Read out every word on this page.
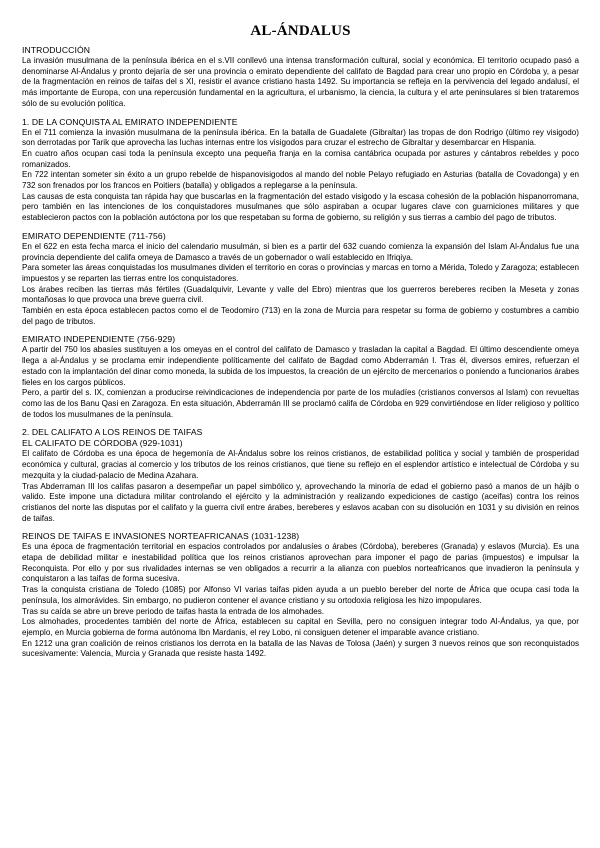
AL-ÁNDALUS
INTRODUCCIÓN

La invasión musulmana de la península ibérica en el s.VII conllevó una intensa transformación cultural, social y económica. El territorio ocupado pasó a denominarse Al-Ándalus y pronto dejaría de ser una provincia o emirato dependiente del califato de Bagdad para crear uno propio en Córdoba y, a pesar de la fragmentación en reinos de taifas del s XI, resistir el avance cristiano hasta 1492. Su importancia se refleja en la pervivencia del legado andalusí, el más importante de Europa, con una repercusión fundamental en la agricultura, el urbanismo, la ciencia, la cultura y el arte peninsulares si bien trataremos sólo de su evolución política.

1. DE LA CONQUISTA AL EMIRATO INDEPENDIENTE

En el 711 comienza la invasión musulmana de la península ibérica. En la batalla de Guadalete (Gibraltar) las tropas de don Rodrigo (último rey visigodo) son derrotadas por Tarik que aprovecha las luchas internas entre los visigodos para cruzar el estrecho de Gibraltar y desembarcar en Hispania.

En cuatro años ocupan casi toda la península excepto una pequeña franja en la cornisa cantábrica ocupada por astures y cántabros rebeldes y poco romanizados.

En 722 intentan someter sin éxito a un grupo rebelde de hispanovisigodos al mando del noble Pelayo refugiado en Asturias (batalla de Covadonga) y en 732 son frenados por los francos en Poitiers (batalla) y obligados a replegarse a la península.

Las causas de esta conquista tan rápida hay que buscarlas en la fragmentación del estado visigodo y la escasa cohesión de la población hispanorromana, pero también en las intenciones de los conquistadores musulmanes que sólo aspiraban a ocupar lugares clave con guarniciones militares y que establecieron pactos con la población autóctona por los que respetaban su forma de gobierno, su religión y sus tierras a cambio del pago de tributos.

EMIRATO DEPENDIENTE (711-756)

En el 622 en esta fecha marca el inicio del calendario musulmán, si bien es a partir del 632 cuando comienza la expansión del Islam Al-Ándalus fue una provincia dependiente del califa omeya de Damasco a través de un gobernador o walí establecido en Ifriqiya.

Para someter las áreas conquistadas los musulmanes dividen el territorio en coras o provincias y marcas en torno a Mérida, Toledo y Zaragoza; establecen impuestos y se reparten las tierras entre los conquistadores.

Los árabes reciben las tierras más fértiles (Guadalquivir, Levante y valle del Ebro) mientras que los guerreros bereberes reciben la Meseta y zonas montañosas lo que provoca una breve guerra civil.

También en esta época establecen pactos como el de Teodomiro (713) en la zona de Murcia para respetar su forma de gobierno y costumbres a cambio del pago de tributos.

EMIRATO INDEPENDIENTE (756-929)

A partir del 750 los abasíes sustituyen a los omeyas en el control del califato de Damasco y trasladan la capital a Bagdad. El último descendiente omeya llega a al-Ándalus y se proclama emir independiente políticamente del califato de Bagdad como Abderramán I. Tras él, diversos emires, refuerzan el estado con la implantación del dinar como moneda, la subida de los impuestos, la creación de un ejército de mercenarios o poniendo a funcionarios árabes fieles en los cargos públicos.

Pero, a partir del s. IX, comienzan a producirse reivindicaciones de independencia por parte de los muladíes (cristianos conversos al Islam) con revueltas como las de los Banu Qasi en Zaragoza. En esta situación, Abderramán III se proclamó califa de Córdoba en 929 convirtiéndose en líder religioso y político de todos los musulmanes de la península.

2. DEL CALIFATO A LOS REINOS DE TAIFAS
EL CALIFATO DE CÓRDOBA (929-1031)

El califato de Córdoba es una época de hegemonía de Al-Ándalus sobre los reinos cristianos, de estabilidad política y social y también de prosperidad económica y cultural, gracias al comercio y los tributos de los reinos cristianos, que tiene su reflejo en el esplendor artístico e intelectual de Córdoba y su mezquita y la ciudad-palacio de Medina Azahara.

Tras Abderraman III los califas pasaron a desempeñar un papel simbólico y, aprovechando la minoría de edad el gobierno pasó a manos de un hájib o valido. Este impone una dictadura militar controlando el ejército y la administración y realizando expediciones de castigo (aceifas) contra los reinos cristianos del norte las disputas por el califato y la guerra civil entre árabes, bereberes y eslavos acaban con su disolución en 1031 y su división en reinos de taifas.

REINOS DE TAIFAS E INVASIONES NORTEAFRICANAS (1031-1238)

Es una época de fragmentación territorial en espacios controlados por andalusíes o árabes (Córdoba), bereberes (Granada) y eslavos (Murcia). Es una etapa de debilidad militar e inestabilidad política que los reinos cristianos aprovechan para imponer el pago de parias (impuestos) e impulsar la Reconquista. Por ello y por sus rivalidades internas se ven obligados a recurrir a la alianza con pueblos norteafricanos que invadieron la península y conquistaron a las taifas de forma sucesiva.

Tras la conquista cristiana de Toledo (1085) por Alfonso VI varias taifas piden ayuda a un pueblo bereber del norte de África que ocupa casi toda la península, los almorávides. Sin embargo, no pudieron contener el avance cristiano y su ortodoxia religiosa les hizo impopulares.

Tras su caída se abre un breve periodo de taifas hasta la entrada de los almohades.

Los almohades, procedentes también del norte de África, establecen su capital en Sevilla, pero no consiguen integrar todo Al-Ándalus, ya que, por ejemplo, en Murcia gobierna de forma autónoma Ibn Mardanis, el rey Lobo, ni consiguen detener el imparable avance cristiano.

En 1212 una gran coalición de reinos cristianos los derrota en la batalla de las Navas de Tolosa (Jaén) y surgen 3 nuevos reinos que son reconquistados sucesivamente: Valencia, Murcia y Granada que resiste hasta 1492.
